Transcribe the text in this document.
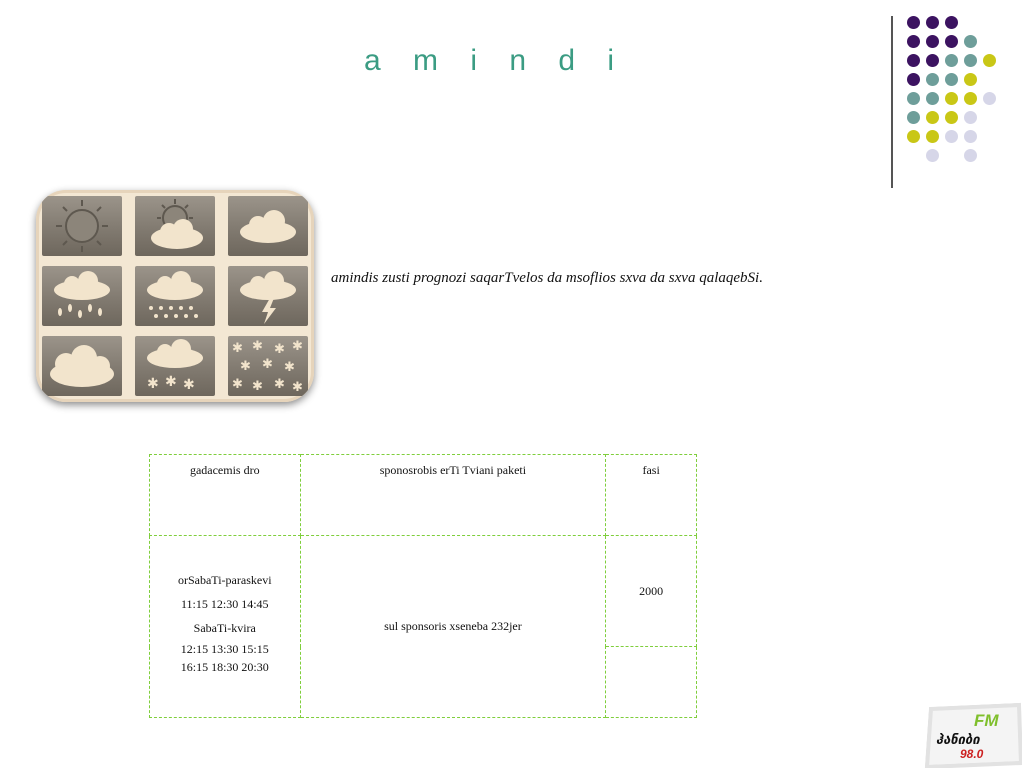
a m i n d i
✱ ✱ ✱
✱ ✱ ✱ ✱
✱ ✱ ✱
✱ ✱ ✱ ✱
amindis zusti prognozi saqarTvelos da msoflios sxva da sxva qalaqebSi.
gadacemis dro	sponosrobis erTi Tviani paketi	fasi

orSabaTi-paraskevi
11:15 12:30 14:45
SabaTi-kvira
12:15 13:30 15:15
16:15 18:30 20:30	sul sponsoris xseneba 232jer	2000

FM
ჰანიბი
98.0
